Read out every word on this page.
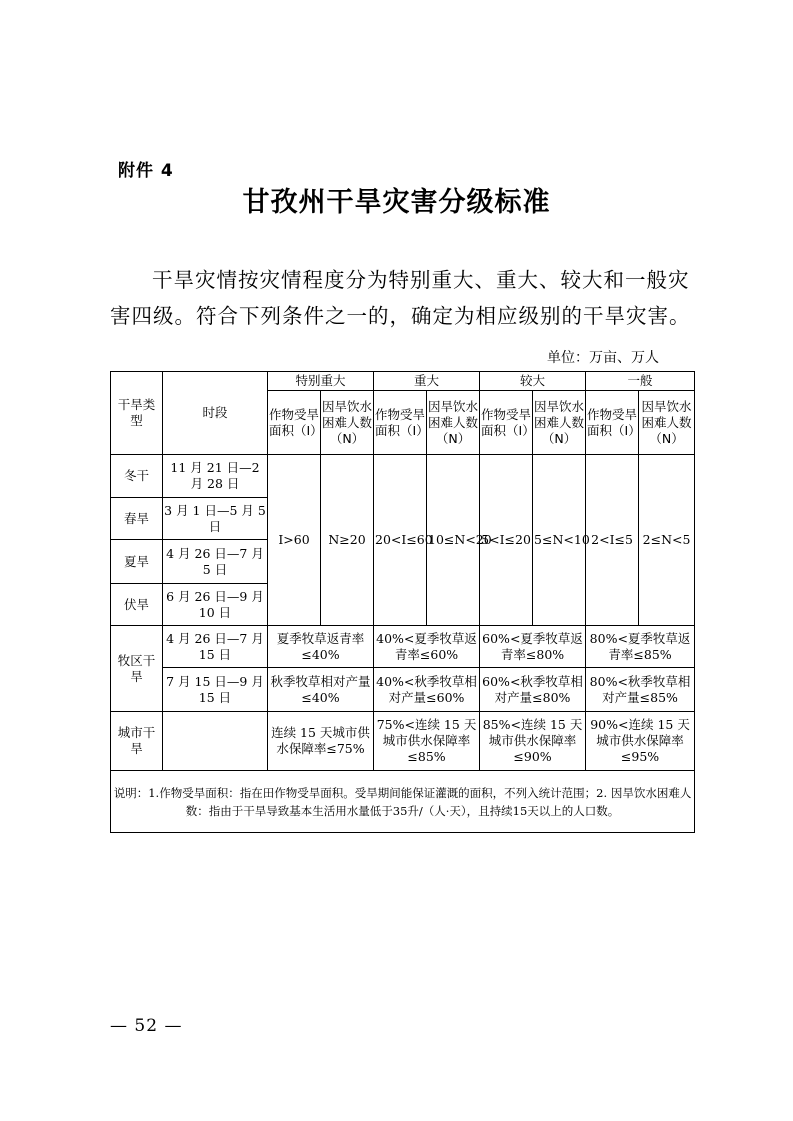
附件 4
甘孜州干旱灾害分级标准

干旱灾情按灾情程度分为特别重大、重大、较大和一般灾害四级。符合下列条件之一的，确定为相应级别的干旱灾害。

单位：万亩、万人
干旱类型	时段	特别重大		重大		较大		一般	
		作物受旱面积（I）	因旱饮水困难人数（N）	作物受旱面积（I）	因旱饮水困难人数（N）	作物受旱面积（I）	因旱饮水困难人数（N）	作物受旱面积（I）	因旱饮水困难人数（N）
冬干	11 月 21 日—2 月 28 日	I>60	N≥20	20<I≤60	10≤N<20	5<I≤20	5≤N<10	2<I≤5	2≤N<5
春旱	3 月 1 日—5 月 5 日								
夏旱	4 月 26 日—7 月 5 日								
伏旱	6 月 26 日—9 月 10 日								
牧区干旱	4 月 26 日—7 月 15 日	夏季牧草返青率≤40%		40%<夏季牧草返青率≤60%		60%<夏季牧草返青率≤80%		80%<夏季牧草返青率≤85%	
	7 月 15 日—9 月 15 日	秋季牧草相对产量≤40%		40%<秋季牧草相对产量≤60%		60%<秋季牧草相对产量≤80%		80%<秋季牧草相对产量≤85%	
城市干旱		连续 15 天城市供水保障率≤75%		75%<连续 15 天城市供水保障率≤85%		85%<连续 15 天城市供水保障率≤90%		90%<连续 15 天城市供水保障率≤95%	
说明：1.作物受旱面积：指在田作物受旱面积。受旱期间能保证灌溉的面积，不列入统计范围；2. 因旱饮水困难人数：指由于干旱导致基本生活用水量低于35升/（人·天），且持续15天以上的人口数。									
— 52 —
